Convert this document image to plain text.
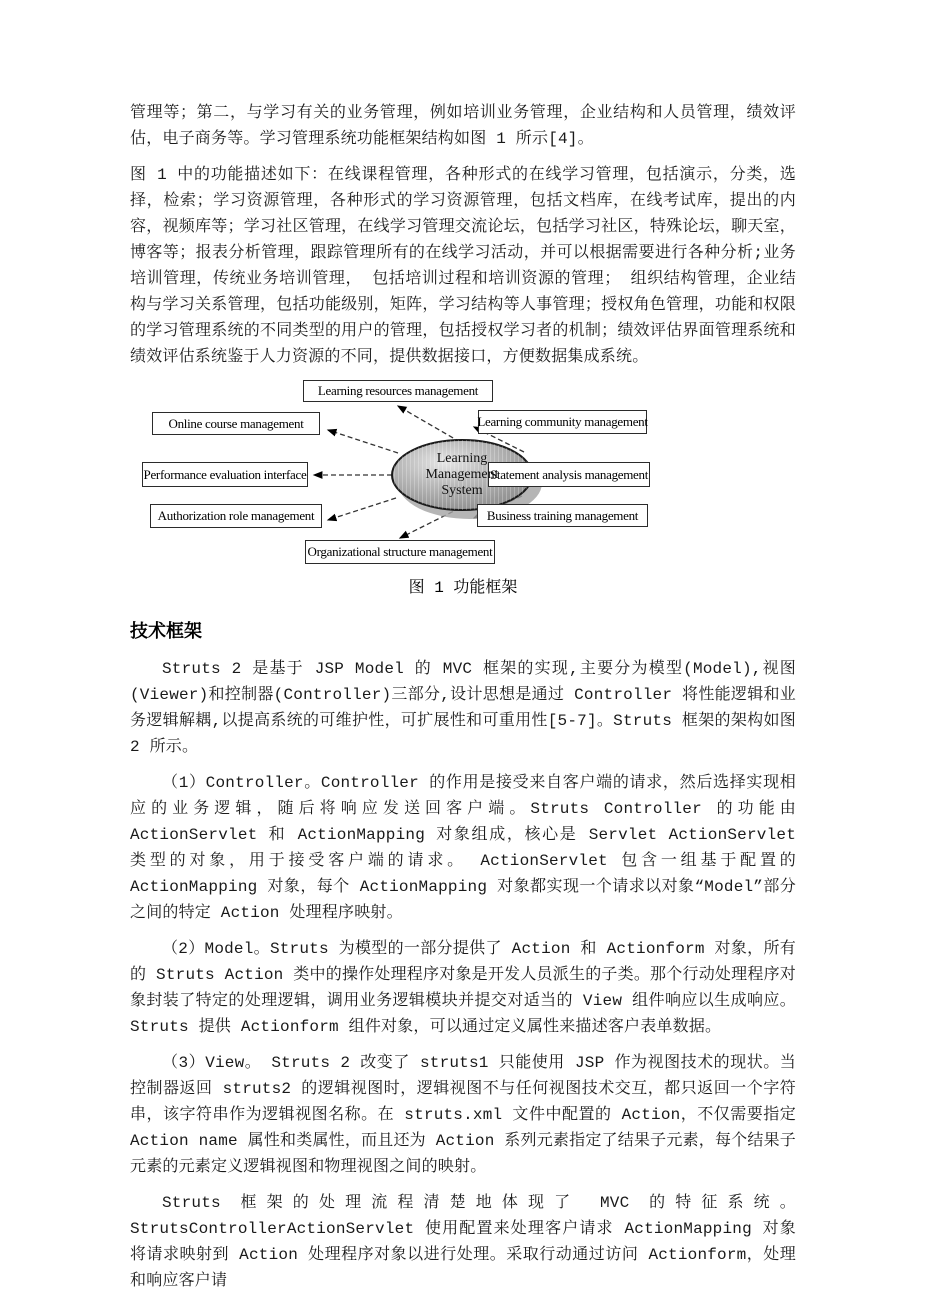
管理等；第二，与学习有关的业务管理，例如培训业务管理，企业结构和人员管理，绩效评估，电子商务等。学习管理系统功能框架结构如图 1 所示[4]。

图 1 中的功能描述如下：在线课程管理，各种形式的在线学习管理，包括演示，分类，选择，检索；学习资源管理，各种形式的学习资源管理，包括文档库，在线考试库，提出的内容，视频库等；学习社区管理，在线学习管理交流论坛，包括学习社区，特殊论坛，聊天室，博客等；报表分析管理，跟踪管理所有的在线学习活动，并可以根据需要进行各种分析;业务培训管理，传统业务培训管理， 包括培训过程和培训资源的管理； 组织结构管理，企业结构与学习关系管理，包括功能级别，矩阵，学习结构等人事管理；授权角色管理，功能和权限的学习管理系统的不同类型的用户的管理，包括授权学习者的机制；绩效评估界面管理系统和绩效评估系统鉴于人力资源的不同，提供数据接口，方便数据集成系统。

Learning resources management
Online course management	Learning community management
Performance evaluation interface	Statement analysis management
Authorization role management	Business training management
Organizational structure management
Learning
Management
System
图 1 功能框架
技术框架

Struts 2 是基于 JSP Model 的 MVC 框架的实现,主要分为模型(Model),视图(Viewer)和控制器(Controller)三部分,设计思想是通过 Controller 将性能逻辑和业务逻辑解耦,以提高系统的可维护性，可扩展性和可重用性[5-7]。Struts 框架的架构如图 2 所示。

（1）Controller。Controller 的作用是接受来自客户端的请求，然后选择实现相应的业务逻辑，随后将响应发送回客户端。Struts Controller 的功能由 ActionServlet 和 ActionMapping 对象组成，核心是 Servlet ActionServlet 类型的对象，用于接受客户端的请求。 ActionServlet 包含一组基于配置的 ActionMapping 对象，每个 ActionMapping 对象都实现一个请求以对象“Model”部分之间的特定 Action 处理程序映射。

（2）Model。Struts 为模型的一部分提供了 Action 和 Actionform 对象，所有的 Struts Action 类中的操作处理程序对象是开发人员派生的子类。那个行动处理程序对象封装了特定的处理逻辑，调用业务逻辑模块并提交对适当的 View 组件响应以生成响应。Struts 提供 Actionform 组件对象，可以通过定义属性来描述客户表单数据。

（3）View。 Struts 2 改变了 struts1 只能使用 JSP 作为视图技术的现状。当控制器返回 struts2 的逻辑视图时，逻辑视图不与任何视图技术交互，都只返回一个字符串，该字符串作为逻辑视图名称。在 struts.xml 文件中配置的 Action，不仅需要指定 Action name 属性和类属性，而且还为 Action 系列元素指定了结果子元素，每个结果子元素的元素定义逻辑视图和物理视图之间的映射。

Struts 框架的处理流程清楚地体现了 MVC 的特征系统。StrutsControllerActionServlet 使用配置来处理客户请求 ActionMapping 对象将请求映射到 Action 处理程序对象以进行处理。采取行动通过访问 Actionform，处理和响应客户请
